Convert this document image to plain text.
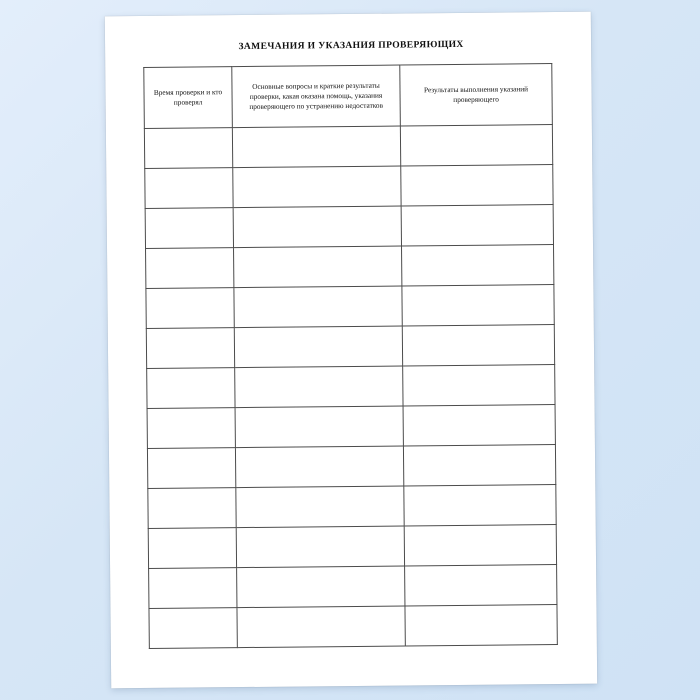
ЗАМЕЧАНИЯ И УКАЗАНИЯ ПРОВЕРЯЮЩИХ
Время проверки и кто проверял	Основные вопросы и краткие результаты проверки, какая оказана помощь, указания проверяющего по устранению недостатков	Результаты выполнения указаний проверяющего
